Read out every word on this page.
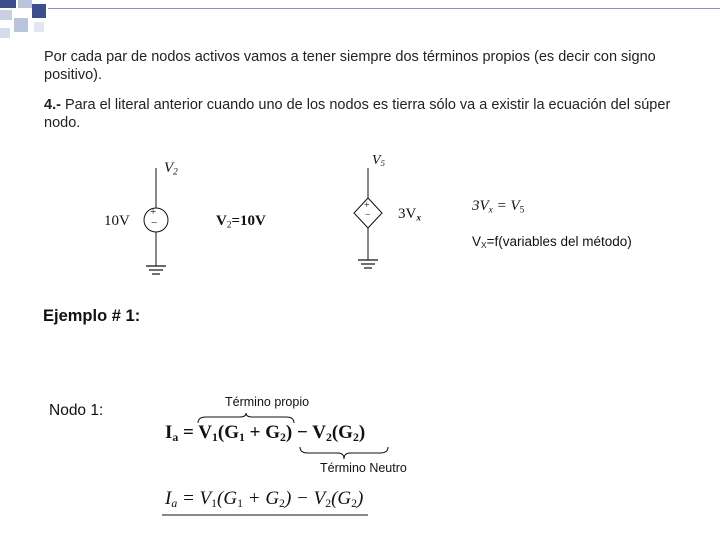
Por cada par de nodos activos vamos a tener siempre dos términos propios (es decir con signo positivo).
4.- Para el literal anterior cuando uno de los nodos es tierra sólo va a existir la ecuación del súper nodo.
+
−
$V_2$
10V	$V_2=10V$
+
−
$V_5$
$3V_x$
$3V_x = V_5$
$V_X=f(variables$ del método)
Ejemplo # 1:
Nodo 1:	Término propio
$I_a = V_1(G_1 + G_2) - V_2(G_2)$
Término Neutro
$I_a = V_1(G_1 + G_2) - V_2(G_2)$
